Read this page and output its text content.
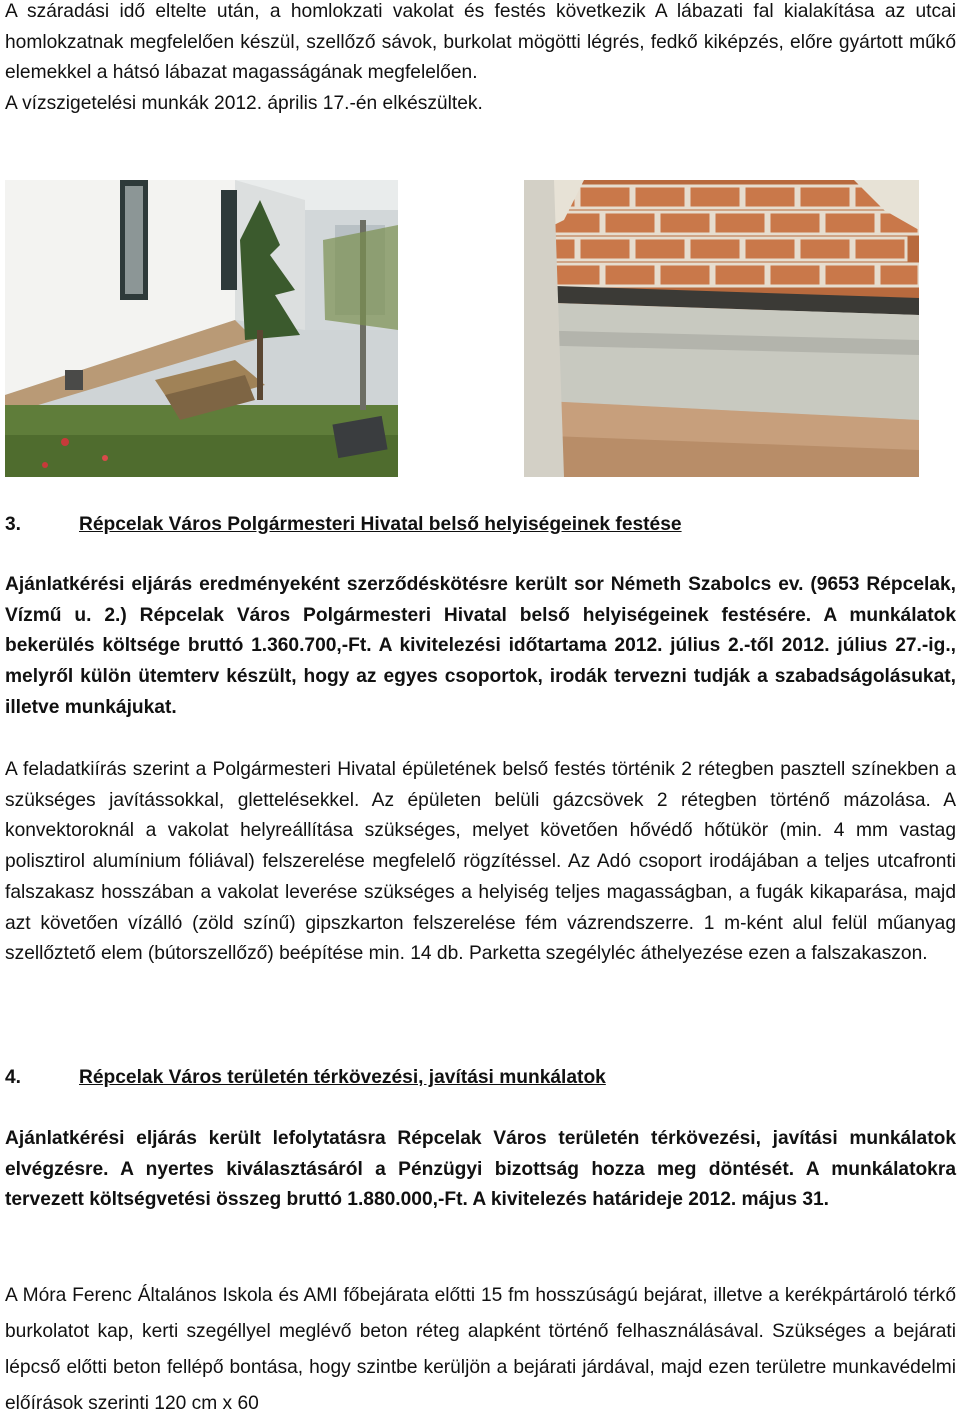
A száradási idő eltelte után, a homlokzati vakolat és festés következik A lábazati fal kialakítása az utcai homlokzatnak megfelelően készül, szellőző sávok, burkolat mögötti légrés, fedkő kiképzés, előre gyártott műkő elemekkel a hátsó lábazat magasságának megfelelően.

A vízszigetelési munkák 2012. április 17.-én elkészültek.

3.	Répcelak Város Polgármesteri Hivatal belső helyiségeinek festése

Ajánlatkérési eljárás eredményeként szerződéskötésre került sor Németh Szabolcs ev. (9653 Répcelak, Vízmű u. 2.) Répcelak Város Polgármesteri Hivatal belső helyiségeinek festésére. A munkálatok bekerülés költsége bruttó 1.360.700,-Ft. A kivitelezési időtartama 2012. július 2.-től 2012. július 27.-ig., melyről külön ütemterv készült, hogy az egyes csoportok, irodák tervezni tudják a szabadságolásukat, illetve munkájukat.

A feladatkiírás szerint a Polgármesteri Hivatal épületének belső festés történik 2 rétegben pasztell színekben a szükséges javítássokkal, glettelésekkel. Az épületen belüli gázcsövek 2 rétegben történő mázolása. A konvektoroknál a vakolat helyreállítása szükséges, melyet követően hővédő hőtükör (min. 4 mm vastag polisztirol alumínium fóliával) felszerelése megfelelő rögzítéssel. Az Adó csoport irodájában a teljes utcafronti falszakasz hosszában a vakolat leverése szükséges a helyiség teljes magasságban, a fugák kikaparása, majd azt követően vízálló (zöld színű) gipszkarton felszerelése fém vázrendszerre. 1 m-ként alul felül műanyag szellőztető elem (bútorszellőző) beépítése min. 14 db. Parketta szegélyléc áthelyezése ezen a falszakaszon.

4.	Répcelak Város területén térkövezési, javítási munkálatok

Ajánlatkérési eljárás került lefolytatásra Répcelak Város területén térkövezési, javítási munkálatok elvégzésre. A nyertes kiválasztásáról a Pénzügyi bizottság hozza meg döntését. A munkálatokra tervezett költségvetési összeg bruttó 1.880.000,-Ft. A kivitelezés határideje 2012. május 31.

A Móra Ferenc Általános Iskola és AMI főbejárata előtti 15 fm hosszúságú bejárat, illetve a kerékpártároló térkő burkolatot kap, kerti szegéllyel meglévő beton réteg alapként történő felhasználásával. Szükséges a bejárati lépcső előtti beton fellépő bontása, hogy szintbe kerüljön a bejárati járdával, majd ezen területre munkavédelmi előírások szerinti 120 cm x 60
